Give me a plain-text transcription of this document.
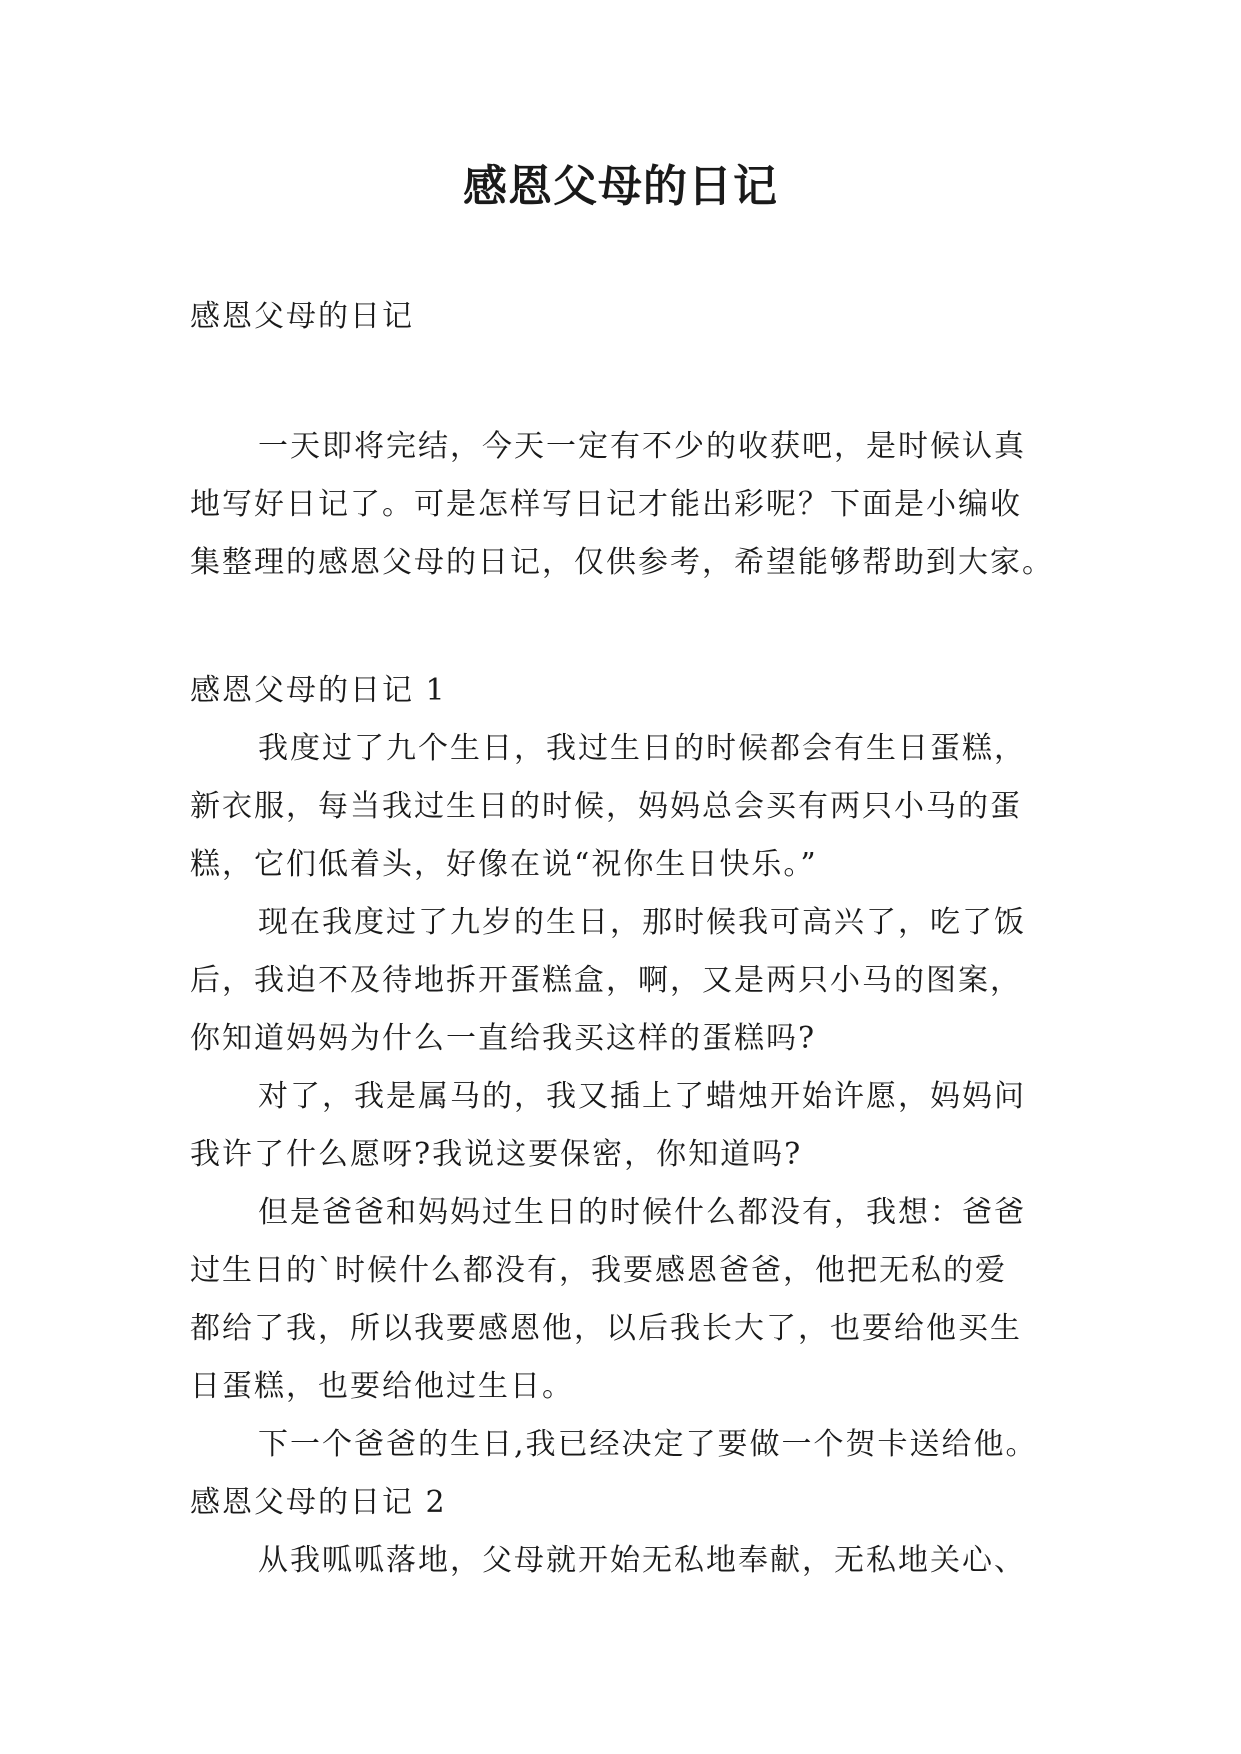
感恩父母的日记
感恩父母的日记
一天即将完结，今天一定有不少的收获吧，是时候认真
地写好日记了。可是怎样写日记才能出彩呢？下面是小编收
集整理的感恩父母的日记，仅供参考，希望能够帮助到大家。
感恩父母的日记 1
我度过了九个生日，我过生日的时候都会有生日蛋糕，
新衣服，每当我过生日的时候，妈妈总会买有两只小马的蛋
糕，它们低着头，好像在说“祝你生日快乐。”
现在我度过了九岁的生日，那时候我可高兴了，吃了饭
后，我迫不及待地拆开蛋糕盒，啊，又是两只小马的图案，
你知道妈妈为什么一直给我买这样的蛋糕吗?
对了，我是属马的，我又插上了蜡烛开始许愿，妈妈问
我许了什么愿呀?我说这要保密，你知道吗?
但是爸爸和妈妈过生日的时候什么都没有，我想：爸爸
过生日的`时候什么都没有，我要感恩爸爸，他把无私的爱
都给了我，所以我要感恩他，以后我长大了，也要给他买生
日蛋糕，也要给他过生日。
下一个爸爸的生日,我已经决定了要做一个贺卡送给他。
感恩父母的日记 2
从我呱呱落地，父母就开始无私地奉献，无私地关心、
